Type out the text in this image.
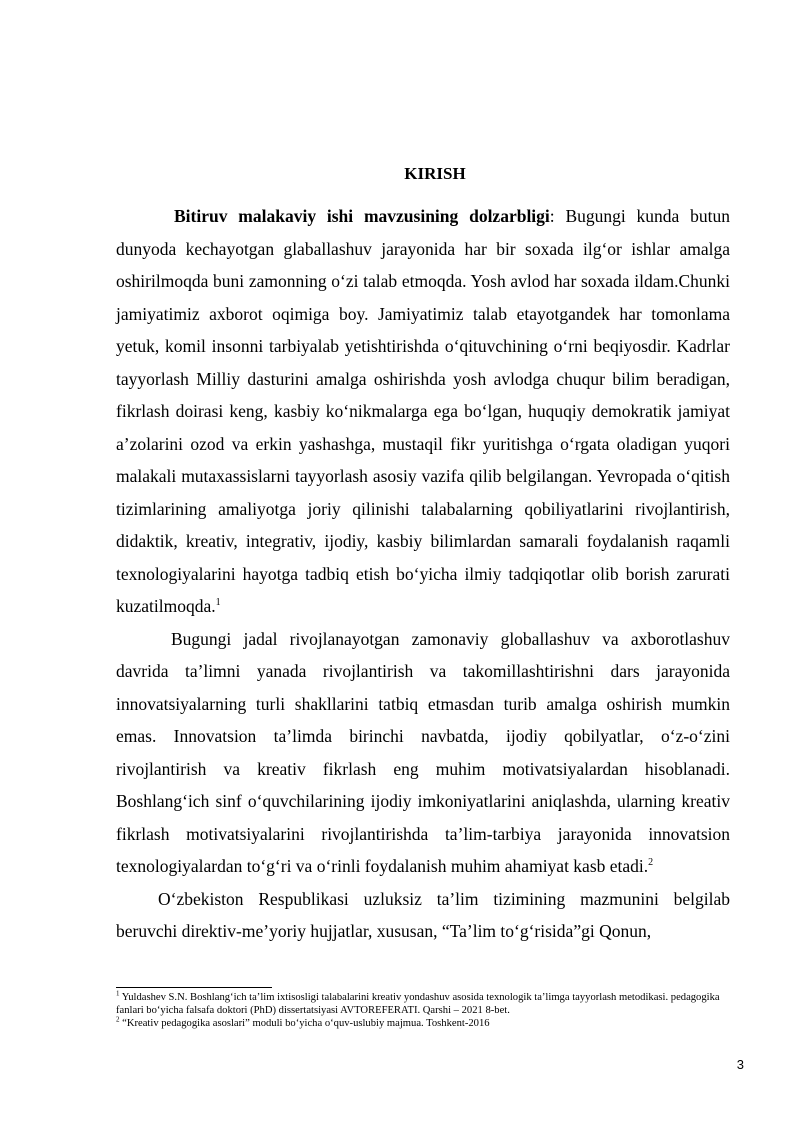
KIRISH

Bitiruv malakaviy ishi mavzusining dolzarbligi: Bugungi kunda butun dunyoda kechayotgan glaballashuv jarayonida har bir soxada ilg‘or ishlar amalga oshirilmoqda buni zamonning o‘zi talab etmoqda. Yosh avlod har soxada ildam.Chunki jamiyatimiz axborot oqimiga boy. Jamiyatimiz talab etayotgandek har tomonlama yetuk, komil insonni tarbiyalab yetishtirishda o‘qituvchining o‘rni beqiyosdir. Kadrlar tayyorlash Milliy dasturini amalga oshirishda yosh avlodga chuqur bilim beradigan, fikrlash doirasi keng, kasbiy ko‘nikmalarga ega bo‘lgan, huquqiy demokratik jamiyat a’zolarini ozod va erkin yashashga, mustaqil fikr yuritishga o‘rgata oladigan yuqori malakali mutaxassislarni tayyorlash asosiy vazifa qilib belgilangan. Yevropada o‘qitish tizimlarining amaliyotga joriy qilinishi talabalarning qobiliyatlarini rivojlantirish, didaktik, kreativ, integrativ, ijodiy, kasbiy bilimlardan samarali foydalanish raqamli texnologiyalarini hayotga tadbiq etish bo‘yicha ilmiy tadqiqotlar olib borish zarurati kuzatilmoqda.$^1$

Bugungi jadal rivojlanayotgan zamonaviy globallashuv va axborotlashuv davrida ta’limni yanada rivojlantirish va takomillashtirishni dars jarayonida innovatsiyalarning turli shakllarini tatbiq etmasdan turib amalga oshirish mumkin emas. Innovatsion ta’limda birinchi navbatda, ijodiy qobilyatlar, o‘z-o‘zini rivojlantirish va kreativ fikrlash eng muhim motivatsiyalardan hisoblanadi. Boshlang‘ich sinf o‘quvchilarining ijodiy imkoniyatlarini aniqlashda, ularning kreativ fikrlash motivatsiyalarini rivojlantirishda ta’lim-tarbiya jarayonida innovatsion texnologiyalardan to‘g‘ri va o‘rinli foydalanish muhim ahamiyat kasb etadi.$^2$

O‘zbekiston Respublikasi uzluksiz ta’lim tizimining mazmunini belgilab beruvchi direktiv-me’yoriy hujjatlar, xususan, “Ta’lim to‘g‘risida”gi Qonun,

$^1$ Yuldashev S.N. Boshlang‘ich ta’lim ixtisosligi talabalarini kreativ yondashuv asosida texnologik ta’limga tayyorlash metodikasi. pedagogika fanlari bo‘yicha falsafa doktori (PhD) dissertatsiyasi AVTOREFERATI. Qarshi – 2021 8-bet.

$^2$ “Kreativ pedagogika asoslari” moduli bo‘yicha o‘quv-uslubiy majmua. Toshkent-2016

3
